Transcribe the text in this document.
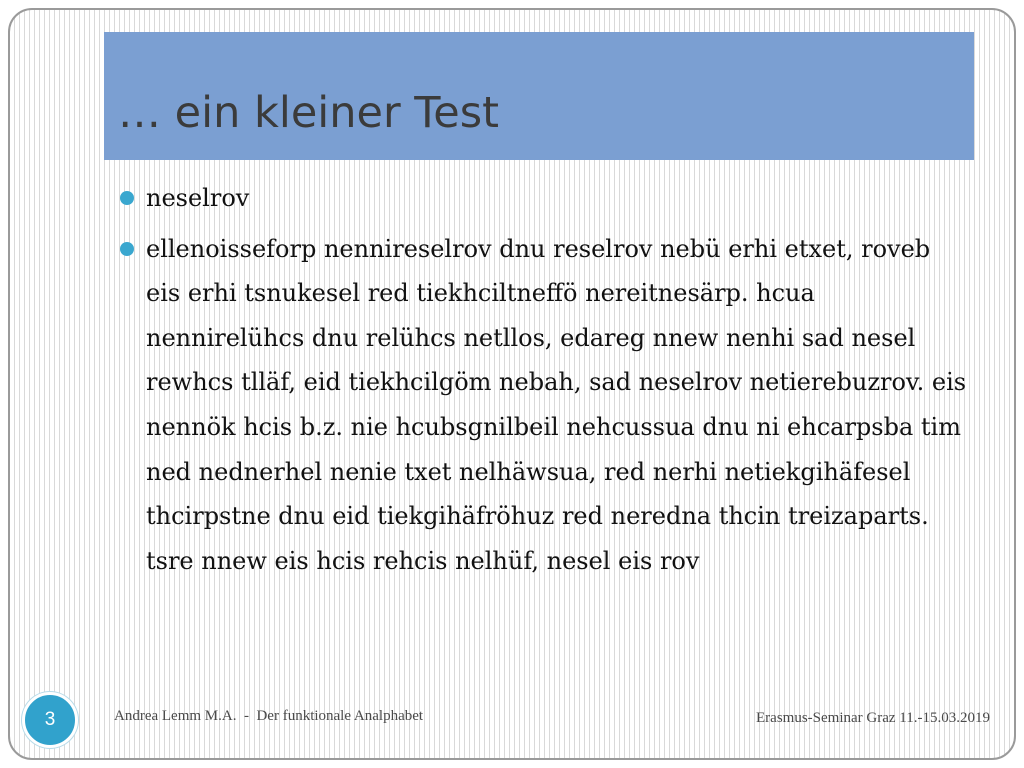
… ein kleiner Test
neselrov
ellenoisseforp nennireselrov dnu reselrov nebü erhi etxet, roveb eis erhi tsnukesel red tiekhciltneffö nereitnesärp. hcua nennirelühcs dnu relühcs netllos, edareg nnew nenhi sad nesel rewhcs tlläf, eid tiekhcilgöm nebah, sad neselrov netierebuzrov. eis nennök hcis b.z. nie hcubsgnilbeil nehcussua dnu ni ehcarpsba tim ned nednerhel nenie txet nelhäwsua, red nerhi netiekgihäfesel thcirpstne dnu eid tiekgihäfröhuz red neredna thcin treizaparts. tsre nnew eis hcis rehcis nelhüf, nesel eis rov
3	Andrea Lemm M.A.  -  Der funktionale Analphabet	Erasmus-Seminar Graz 11.-15.03.2019
